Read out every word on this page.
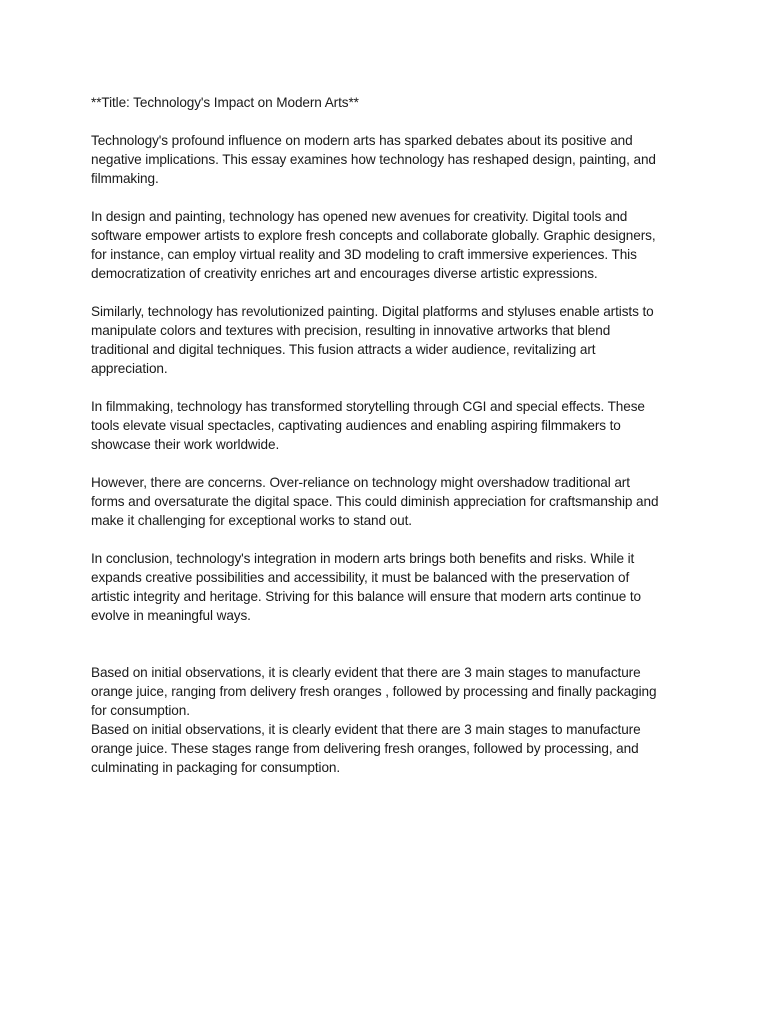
**Title: Technology's Impact on Modern Arts**

Technology's profound influence on modern arts has sparked debates about its positive and
negative implications. This essay examines how technology has reshaped design, painting, and
filmmaking.

In design and painting, technology has opened new avenues for creativity. Digital tools and
software empower artists to explore fresh concepts and collaborate globally. Graphic designers,
for instance, can employ virtual reality and 3D modeling to craft immersive experiences. This
democratization of creativity enriches art and encourages diverse artistic expressions.

Similarly, technology has revolutionized painting. Digital platforms and styluses enable artists to
manipulate colors and textures with precision, resulting in innovative artworks that blend
traditional and digital techniques. This fusion attracts a wider audience, revitalizing art
appreciation.

In filmmaking, technology has transformed storytelling through CGI and special effects. These
tools elevate visual spectacles, captivating audiences and enabling aspiring filmmakers to
showcase their work worldwide.

However, there are concerns. Over-reliance on technology might overshadow traditional art
forms and oversaturate the digital space. This could diminish appreciation for craftsmanship and
make it challenging for exceptional works to stand out.

In conclusion, technology's integration in modern arts brings both benefits and risks. While it
expands creative possibilities and accessibility, it must be balanced with the preservation of
artistic integrity and heritage. Striving for this balance will ensure that modern arts continue to
evolve in meaningful ways.

Based on initial observations, it is clearly evident that there are 3 main stages to manufacture
orange juice, ranging from delivery fresh oranges , followed by processing and finally packaging
for consumption.

Based on initial observations, it is clearly evident that there are 3 main stages to manufacture
orange juice. These stages range from delivering fresh oranges, followed by processing, and
culminating in packaging for consumption.
